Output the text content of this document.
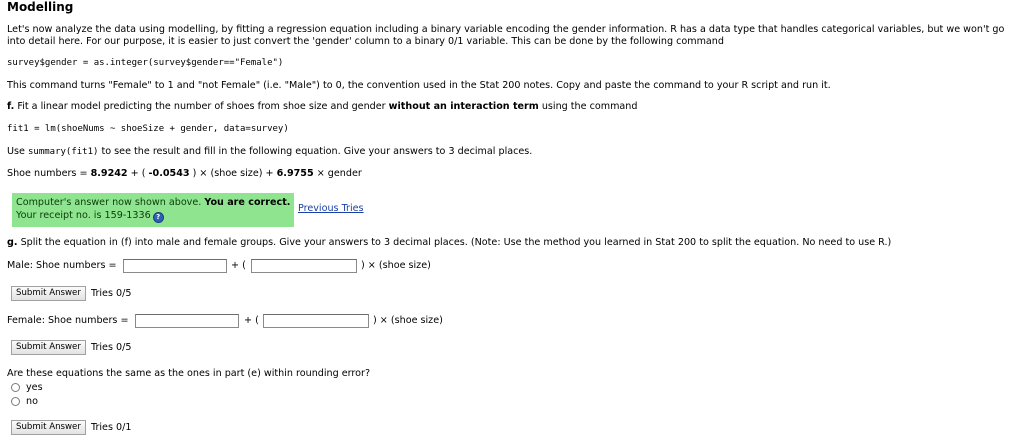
Modelling
Let's now analyze the data using modelling, by fitting a regression equation including a binary variable encoding the gender information. R has a data type that handles categorical variables, but we won't go into detail here. For our purpose, it is easier to just convert the 'gender' column to a binary 0/1 variable. This can be done by the following command
survey$gender = as.integer(survey$gender=="Female")
This command turns "Female" to 1 and "not Female" (i.e. "Male") to 0, the convention used in the Stat 200 notes. Copy and paste the command to your R script and run it.
f. Fit a linear model predicting the number of shoes from shoe size and gender without an interaction term using the command
fit1 = lm(shoeNums ~ shoeSize + gender, data=survey)
Use summary(fit1) to see the result and fill in the following equation. Give your answers to 3 decimal places.
Shoe numbers = 8.9242 + ( -0.0543 ) × (shoe size) + 6.9755 × gender
Computer's answer now shown above. You are correct.
Your receipt no. is 159-1336 ?
Previous Tries
g. Split the equation in (f) into male and female groups. Give your answers to 3 decimal places. (Note: Use the method you learned in Stat 200 to split the equation. No need to use R.)
Male: Shoe numbers =	+ (	) × (shoe size)
Submit Answer	Tries 0/5
Female: Shoe numbers =	+ (	) × (shoe size)
Submit Answer	Tries 0/5
Are these equations the same as the ones in part (e) within rounding error?
yes
no
Submit Answer	Tries 0/1
